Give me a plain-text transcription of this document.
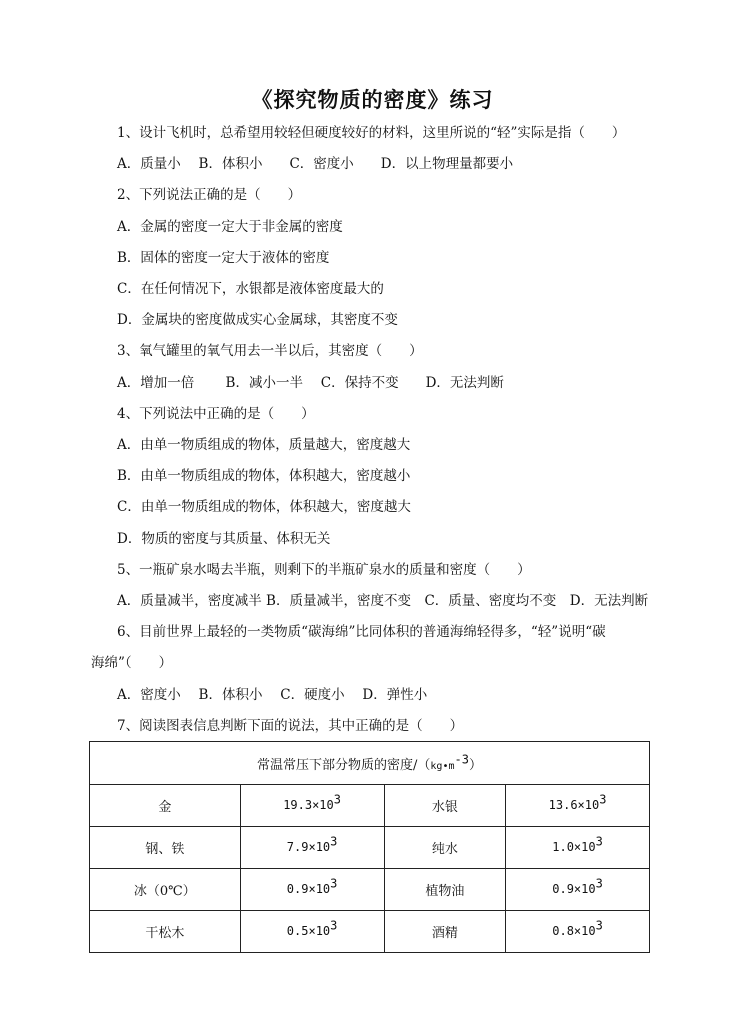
《探究物质的密度》练习
1、设计飞机时，总希望用较轻但硬度较好的材料，这里所说的“轻”实际是指（　　）
A．质量小　 B．体积小　　C．密度小　　D．以上物理量都要小
2、下列说法正确的是（　　）
A．金属的密度一定大于非金属的密度
B．固体的密度一定大于液体的密度
C．在任何情况下，水银都是液体密度最大的
D．金属块的密度做成实心金属球，其密度不变
3、氧气罐里的氧气用去一半以后，其密度（　　）
A．增加一倍　　 B．减小一半　 C．保持不变　　D．无法判断
4、下列说法中正确的是（　　）
A．由单一物质组成的物体，质量越大，密度越大
B．由单一物质组成的物体，体积越大，密度越小
C．由单一物质组成的物体，体积越大，密度越大
D．物质的密度与其质量、体积无关
5、一瓶矿泉水喝去半瓶，则剩下的半瓶矿泉水的质量和密度（　　）
A．质量减半，密度减半 B．质量减半，密度不变　C．质量、密度均不变　D．无法判断
6、目前世界上最轻的一类物质“碳海绵”比同体积的普通海绵轻得多，“轻”说明“碳
海绵”（　　）
A．密度小　 B．体积小　 C．硬度小　 D．弹性小
7、阅读图表信息判断下面的说法，其中正确的是（　　）
常温常压下部分物质的密度$/(kg•m^{-3})$			
金	$19.3\times 10^3$	水银	$13.6\times 10^3$
钢、铁	$7.9\times 10^3$	纯水	$1.0\times 10^3$
冰（0℃）	$0.9\times 10^3$	植物油	$0.9\times 10^3$
干松木	$0.5\times 10^3$	酒精	$0.8\times 10^3$
